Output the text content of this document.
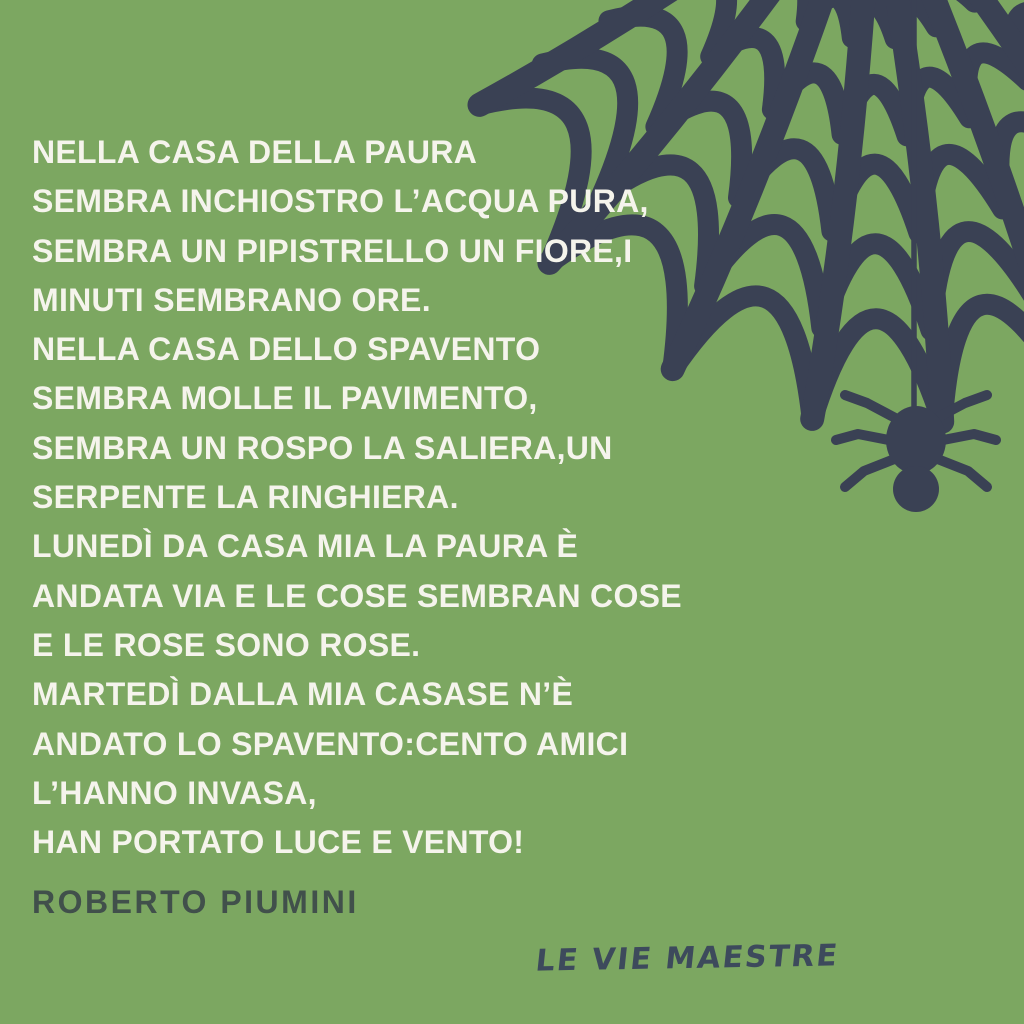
NELLA CASA DELLA PAURA
SEMBRA INCHIOSTRO L’ACQUA PURA,
SEMBRA UN PIPISTRELLO UN FIORE,I
MINUTI SEMBRANO ORE.
NELLA CASA DELLO SPAVENTO
SEMBRA MOLLE IL PAVIMENTO,
SEMBRA UN ROSPO LA SALIERA,UN
SERPENTE LA RINGHIERA.
LUNEDÌ DA CASA MIA LA PAURA È
ANDATA VIA E LE COSE SEMBRAN COSE
E LE ROSE SONO ROSE.
MARTEDÌ DALLA MIA CASASE N’È
ANDATO LO SPAVENTO:CENTO AMICI
L’HANNO INVASA,
HAN PORTATO LUCE E VENTO!
ROBERTO PIUMINI
LE VIE MAESTRE
